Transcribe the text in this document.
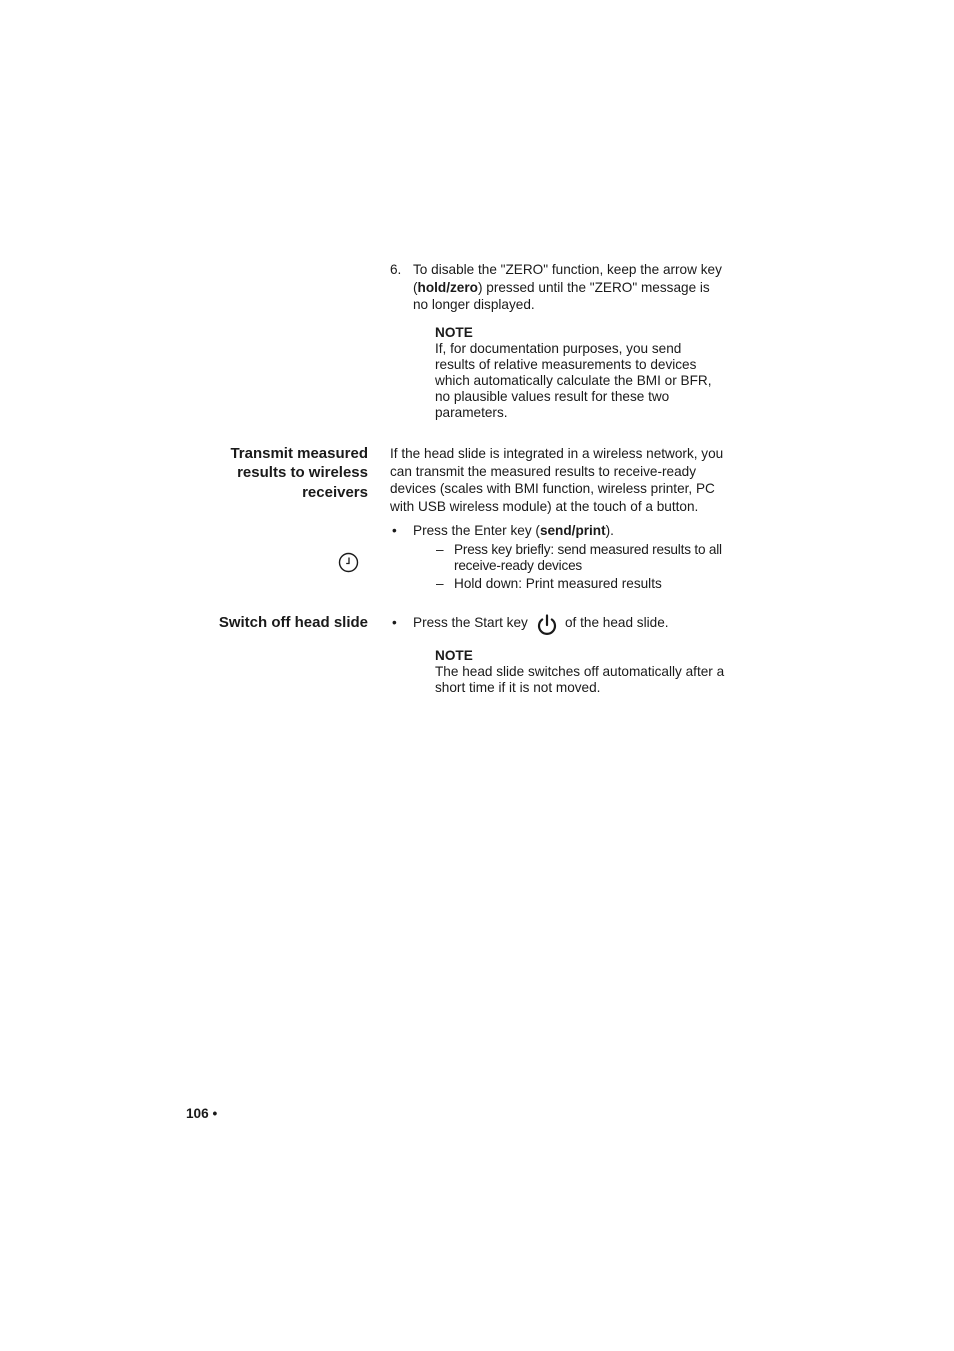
6. To disable the "ZERO" function, keep the arrow key
(hold/zero) pressed until the "ZERO" message is
no longer displayed.
NOTE
If, for documentation purposes, you send
results of relative measurements to devices
which automatically calculate the BMI or BFR,
no plausible values result for these two
parameters.
Transmit measured
results to wireless
receivers
If the head slide is integrated in a wireless network, you
can transmit the measured results to receive-ready
devices (scales with BMI function, wireless printer, PC
with USB wireless module) at the touch of a button.
• Press the Enter key (send/print).
– Press key briefly: send measured results to all
receive-ready devices
– Hold down: Print measured results
Switch off head slide • Press the Start key	of the head slide.
NOTE
The head slide switches off automatically after a
short time if it is not moved.
106 •
